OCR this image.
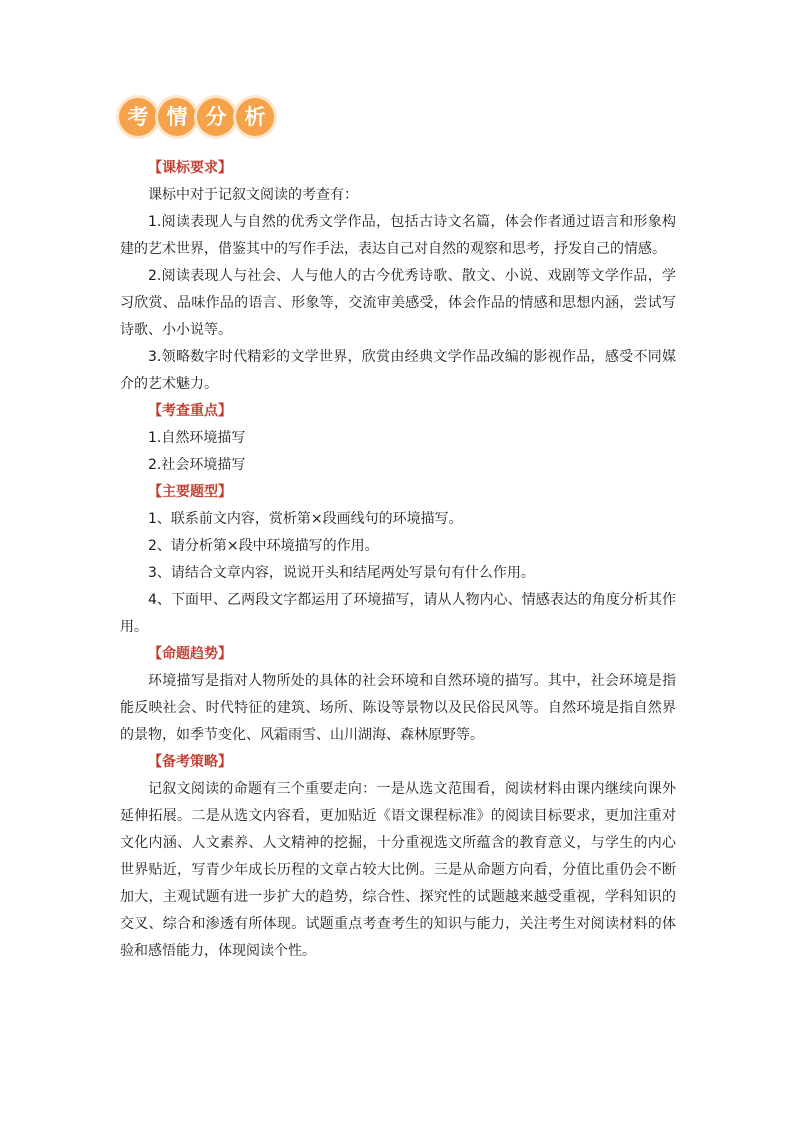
考 情 分 析

【课标要求】

课标中对于记叙文阅读的考查有：

1.阅读表现人与自然的优秀文学作品，包括古诗文名篇，体会作者通过语言和形象构建的艺术世界，借鉴其中的写作手法，表达自己对自然的观察和思考，抒发自己的情感。

2.阅读表现人与社会、人与他人的古今优秀诗歌、散文、小说、戏剧等文学作品，学习欣赏、品味作品的语言、形象等，交流审美感受，体会作品的情感和思想内涵，尝试写诗歌、小小说等。

3.领略数字时代精彩的文学世界，欣赏由经典文学作品改编的影视作品，感受不同媒介的艺术魅力。

【考查重点】

1.自然环境描写

2.社会环境描写

【主要题型】

1、联系前文内容，赏析第×段画线句的环境描写。

2、请分析第×段中环境描写的作用。

3、请结合文章内容，说说开头和结尾两处写景句有什么作用。

4、下面甲、乙两段文字都运用了环境描写，请从人物内心、情感表达的角度分析其作用。

【命题趋势】

环境描写是指对人物所处的具体的社会环境和自然环境的描写。其中，社会环境是指能反映社会、时代特征的建筑、场所、陈设等景物以及民俗民风等。自然环境是指自然界的景物，如季节变化、风霜雨雪、山川湖海、森林原野等。

【备考策略】

记叙文阅读的命题有三个重要走向：一是从选文范围看，阅读材料由课内继续向课外延伸拓展。二是从选文内容看，更加贴近《语文课程标准》的阅读目标要求，更加注重对文化内涵、人文素养、人文精神的挖掘，十分重视选文所蕴含的教育意义，与学生的内心世界贴近，写青少年成长历程的文章占较大比例。三是从命题方向看，分值比重仍会不断加大，主观试题有进一步扩大的趋势，综合性、探究性的试题越来越受重视，学科知识的交叉、综合和渗透有所体现。试题重点考查考生的知识与能力，关注考生对阅读材料的体验和感悟能力，体现阅读个性。
